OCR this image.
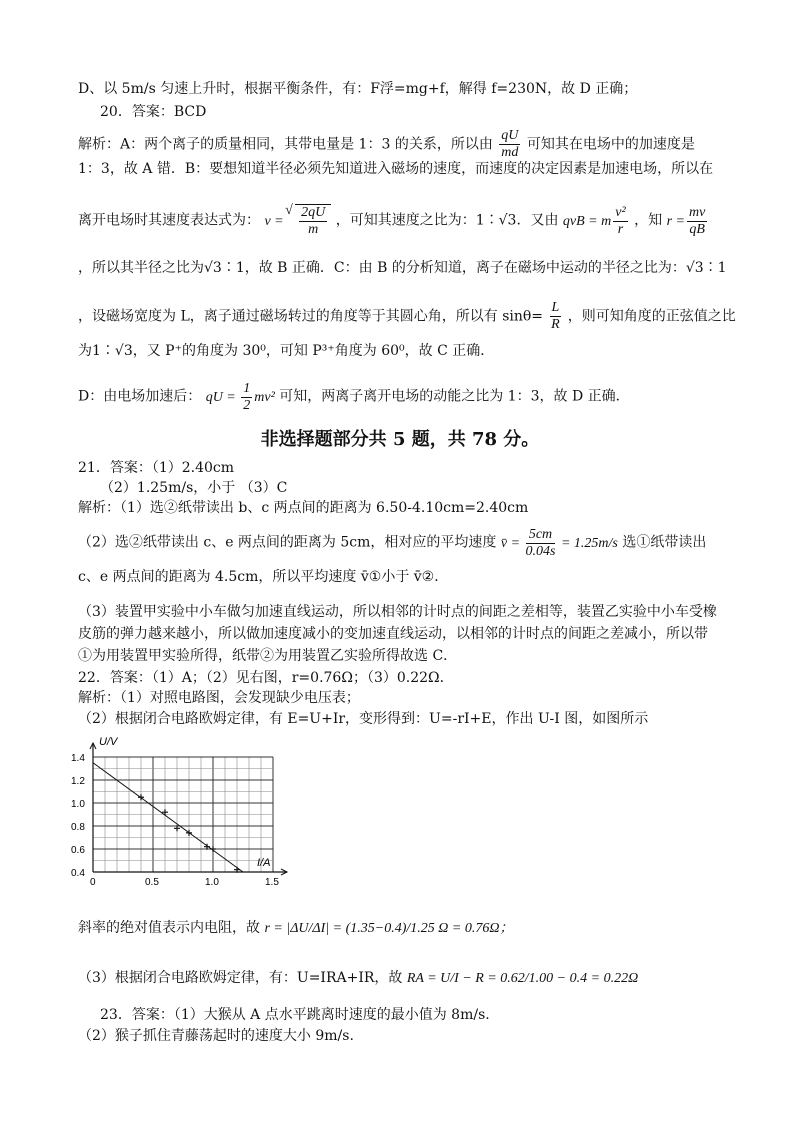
D、以 5m/s 匀速上升时，根据平衡条件，有：F浮=mg+f，解得 f=230N，故 D 正确；
20．答案：BCD
解析：A：两个离子的质量相同，其带电量是 1：3 的关系，所以由 $\frac{qU}{md}$ 可知其在电场中的加速度是
1：3，故 A 错．B：要想知道半径必须先知道进入磁场的速度，而速度的决定因素是加速电场，所以在
离开电场时其速度表达式为： v =
√ $\frac{2qU}{m}$ ，可知其速度之比为：1∶√3．又由 qvB = m $\frac{\text{v²}}{r}$ ，知 $r = \frac{mv}{qB}$
，所以其半径之比为√3∶1，故 B 正确．C：由 B 的分析知道，离子在磁场中运动的半径之比为：√3∶1
，设磁场宽度为 L，离子通过磁场转过的角度等于其圆心角，所以有 $\sin\theta= \frac{L}{R}$ ，则可知角度的正弦值之比
为1∶√3，又 P⁺的角度为 30⁰，可知 P³⁺角度为 60⁰，故 C 正确．
D：由电场加速后： qU = $\frac{1}{2} mv^2$ 可知，两离子离开电场的动能之比为 1：3，故 D 正确．
非选择题部分共 5 题，共 78 分。
21．答案：（1）2.40cm
（2）1.25m/s，小于 （3）C
解析：（1）选②纸带读出 b、c 两点间的距离为 6.50-4.10cm=2.40cm
（2）选②纸带读出 c、e 两点间的距离为 5cm，相对应的平均速度 v̄ = $\frac{5cm}{0.04s} = 1.25m/s$ 选①纸带读出
c、e 两点间的距离为 4.5cm，所以平均速度 v̄①小于 v̄②．
（3）装置甲实验中小车做匀加速直线运动，所以相邻的计时点的间距之差相等，装置乙实验中小车受橡
皮筋的弹力越来越小，所以做加速度减小的变加速直线运动，以相邻的计时点的间距之差减小，所以带
①为用装置甲实验所得，纸带②为用装置乙实验所得故选 C．
22．答案：（1）A；（2）见右图，r=0.76Ω；（3）0.22Ω．
解析：（1）对照电路图，会发现缺少电压表；
（2）根据闭合电路欧姆定律，有 E=U+Ir，变形得到：U=-rI+E，作出 U-I 图，如图所示
U/V
I/A
0	0.5	1.0	1.5
1.4
1.2
1.0
0.8
0.6
0.4
斜率的绝对值表示内电阻，故 r = |ΔU/ΔI| = (1.35−0.4)/1.25 Ω = 0.76Ω；
（3）根据闭合电路欧姆定律，有：U=IRA+IR，故 RA = U/I − R = 0.62/1.00 − 0.4 = 0.22Ω
23．答案：（1）大猴从 A 点水平跳离时速度的最小值为 8m/s.
（2）猴子抓住青藤荡起时的速度大小 9m/s.
